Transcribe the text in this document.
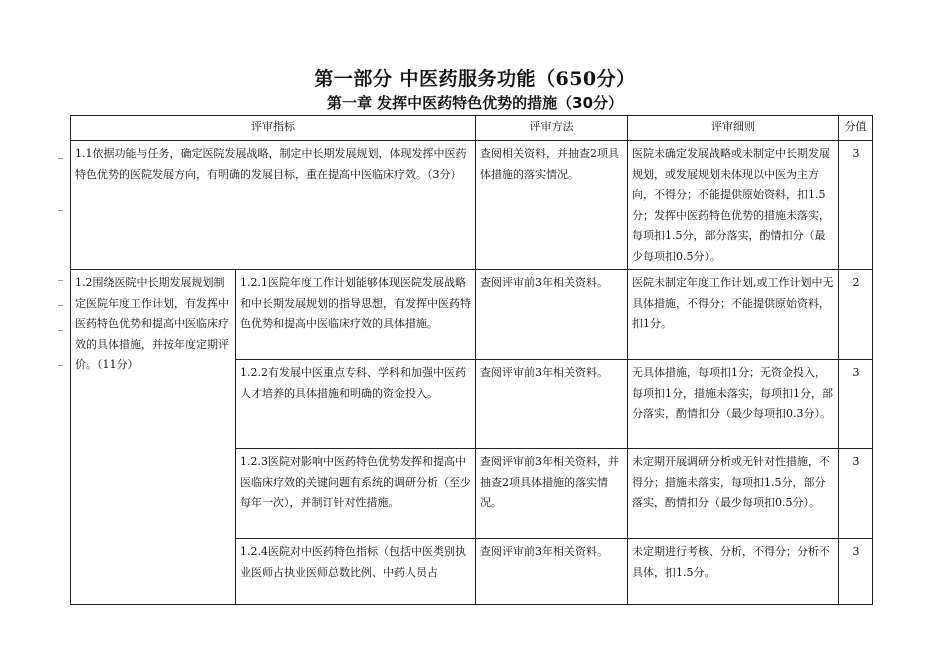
第一部分 中医药服务功能（650分）
第一章 发挥中医药特色优势的措施（30分）
评审指标		评审方法	评审细则	分值
1.1依据功能与任务，确定医院发展战略，制定中长期发展规划，体现发挥中医药特色优势的医院发展方向，有明确的发展目标，重在提高中医临床疗效。（3分）		查阅相关资料，并抽查2项具体措施的落实情况。	医院未确定发展战略或未制定中长期发展规划，或发展规划未体现以中医为主方向，不得分；不能提供原始资料，扣1.5分；发挥中医药特色优势的措施未落实，每项扣1.5分，部分落实，酌情扣分（最少每项扣0.5分）。	3
1.2围绕医院中长期发展规划制定医院年度工作计划，有发挥中医药特色优势和提高中医临床疗效的具体措施，并按年度定期评价。（11分）	1.2.1医院年度工作计划能够体现医院发展战略和中长期发展规划的指导思想，有发挥中医药特色优势和提高中医临床疗效的具体措施。	查阅评审前3年相关资料。	医院未制定年度工作计划,或工作计划中无具体措施，不得分；不能提供原始资料，扣1分。	2
	1.2.2有发展中医重点专科、学科和加强中医药人才培养的具体措施和明确的资金投入。	查阅评审前3年相关资料。	无具体措施，每项扣1分；无资金投入，每项扣1分，措施未落实，每项扣1分，部分落实，酌情扣分（最少每项扣0.3分）。	3
	1.2.3医院对影响中医药特色优势发挥和提高中医临床疗效的关键问题有系统的调研分析（至少每年一次），并制订针对性措施。	查阅评审前3年相关资料，并抽查2项具体措施的落实情况。	未定期开展调研分析或无针对性措施，不得分；措施未落实，每项扣1.5分，部分落实，酌情扣分（最少每项扣0.5分）。	3
	1.2.4医院对中医药特色指标（包括中医类别执业医师占执业医师总数比例、中药人员占	查阅评审前3年相关资料。	未定期进行考核、分析，不得分；分析不具体，扣1.5分。	3
